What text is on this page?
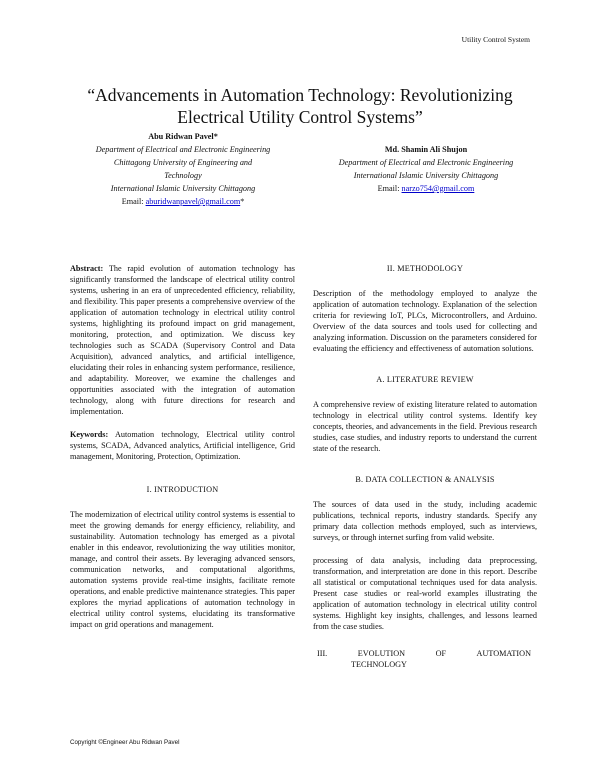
Utility Control System
“Advancements in Automation Technology: Revolutionizing
Electrical Utility Control Systems”
Abu Ridwan Pavel*
Department of Electrical and Electronic Engineering
Chittagong University of Engineering and
Technology
International Islamic University Chittagong
Email: aburidwanpavel@gmail.com*
Md. Shamin Ali Shujon
Department of Electrical and Electronic Engineering
International Islamic University Chittagong
Email: narzo754@gmail.com

Abstract: The rapid evolution of automation technology has significantly transformed the landscape of electrical utility control systems, ushering in an era of unprecedented efficiency, reliability, and flexibility. This paper presents a comprehensive overview of the application of automation technology in electrical utility control systems, highlighting its profound impact on grid management, monitoring, protection, and optimization. We discuss key technologies such as SCADA (Supervisory Control and Data Acquisition), advanced analytics, and artificial intelligence, elucidating their roles in enhancing system performance, resilience, and adaptability. Moreover, we examine the challenges and opportunities associated with the integration of automation technology, along with future directions for research and implementation.

Keywords: Automation technology, Electrical utility control systems, SCADA, Advanced analytics, Artificial intelligence, Grid management, Monitoring, Protection, Optimization.

I. INTRODUCTION

The modernization of electrical utility control systems is essential to meet the growing demands for energy efficiency, reliability, and sustainability. Automation technology has emerged as a pivotal enabler in this endeavor, revolutionizing the way utilities monitor, manage, and control their assets. By leveraging advanced sensors, communication networks, and computational algorithms, automation systems provide real-time insights, facilitate remote operations, and enable predictive maintenance strategies. This paper explores the myriad applications of automation technology in electrical utility control systems, elucidating its transformative impact on grid operations and management.

II. METHODOLOGY

Description of the methodology employed to analyze the application of automation technology. Explanation of the selection criteria for reviewing IoT, PLCs, Microcontrollers, and Arduino. Overview of the data sources and tools used for collecting and analyzing information. Discussion on the parameters considered for evaluating the efficiency and effectiveness of automation solutions.

A. LITERATURE REVIEW

A comprehensive review of existing literature related to automation technology in electrical utility control systems. Identify key concepts, theories, and advancements in the field. Previous research studies, case studies, and industry reports to understand the current state of the research.

B. DATA COLLECTION & ANALYSIS

The sources of data used in the study, including academic publications, technical reports, industry standards. Specify any primary data collection methods employed, such as interviews, surveys, or through internet surfing from valid website.

processing of data analysis, including data preprocessing, transformation, and interpretation are done in this report. Describe all statistical or computational techniques used for data analysis. Present case studies or real-world examples illustrating the application of automation technology in electrical utility control systems. Highlight key insights, challenges, and lessons learned from the case studies.

III.	EVOLUTION	OF	AUTOMATION
TECHNOLOGY
Copyright ©Engineer Abu Ridwan Pavel
